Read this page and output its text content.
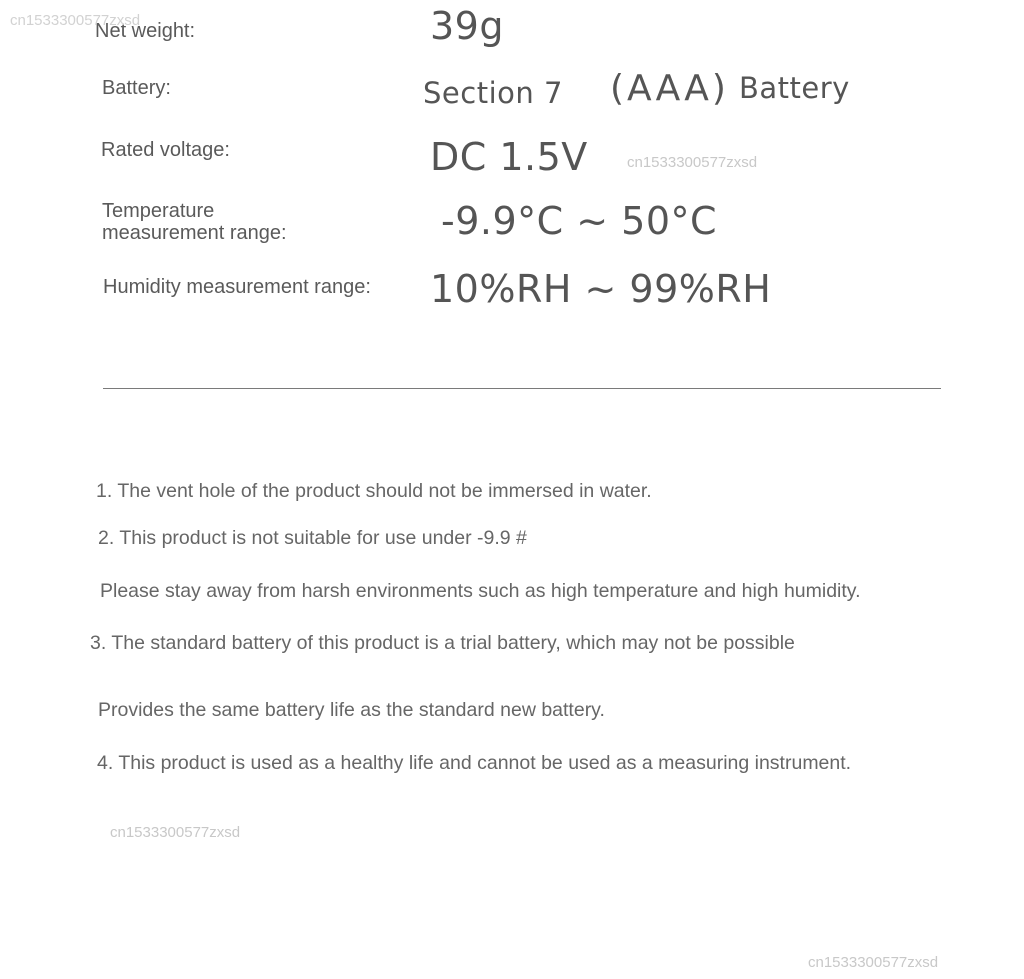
Net weight:	39g
Battery:	Section 7 (AAA) Battery
Rated voltage:	DC 1.5V
Temperature
measurement range:	-9.9°C ~ 50°C
Humidity measurement range: 10%RH ~ 99%RH
1. The vent hole of the product should not be immersed in water.
2. This product is not suitable for use under -9.9 #
Please stay away from harsh environments such as high temperature and high humidity.
3. The standard battery of this product is a trial battery, which may not be possible
Provides the same battery life as the standard new battery.
4. This product is used as a healthy life and cannot be used as a measuring instrument.
cn1533300577zxsd
cn1533300577zxsd
cn1533300577zxsd
cn1533300577zxsd
